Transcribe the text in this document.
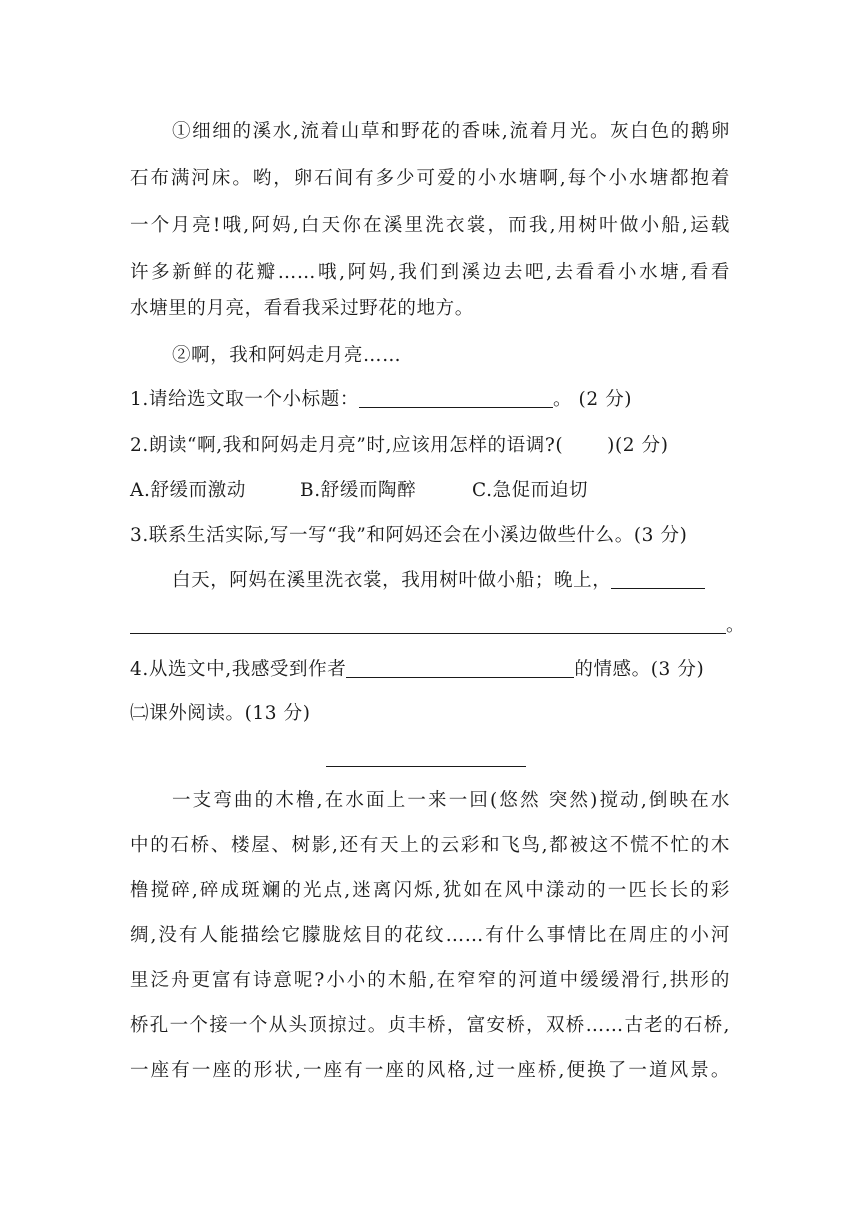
①细细的溪水,流着山草和野花的香味,流着月光。灰白色的鹅卵
石布满河床。哟，卵石间有多少可爱的小水塘啊,每个小水塘都抱着
一个月亮!哦,阿妈,白天你在溪里洗衣裳，而我,用树叶做小船,运载
许多新鲜的花瓣……哦,阿妈,我们到溪边去吧,去看看小水塘,看看
水塘里的月亮，看看我采过野花的地方。
②啊，我和阿妈走月亮……
1.请给选文取一个小标题：	。 (2 分)
2.朗读“啊,我和阿妈走月亮”时,应该用怎样的语调?( )(2 分)
A.舒缓而激动	B.舒缓而陶醉	C.急促而迫切
3.联系生活实际,写一写“我”和阿妈还会在小溪边做些什么。(3 分)
白天，阿妈在溪里洗衣裳，我用树叶做小船；晚上，
。
4.从选文中,我感受到作者	的情感。(3 分)
㈡课外阅读。(13 分)
一支弯曲的木橹,在水面上一来一回(悠然 突然)搅动,倒映在水
中的石桥、楼屋、树影,还有天上的云彩和飞鸟,都被这不慌不忙的木
橹搅碎,碎成斑斓的光点,迷离闪烁,犹如在风中漾动的一匹长长的彩
绸,没有人能描绘它朦胧炫目的花纹……有什么事情比在周庄的小河
里泛舟更富有诗意呢?小小的木船,在窄窄的河道中缓缓滑行,拱形的
桥孔一个接一个从头顶掠过。贞丰桥，富安桥，双桥……古老的石桥,
一座有一座的形状,一座有一座的风格,过一座桥,便换了一道风景。
